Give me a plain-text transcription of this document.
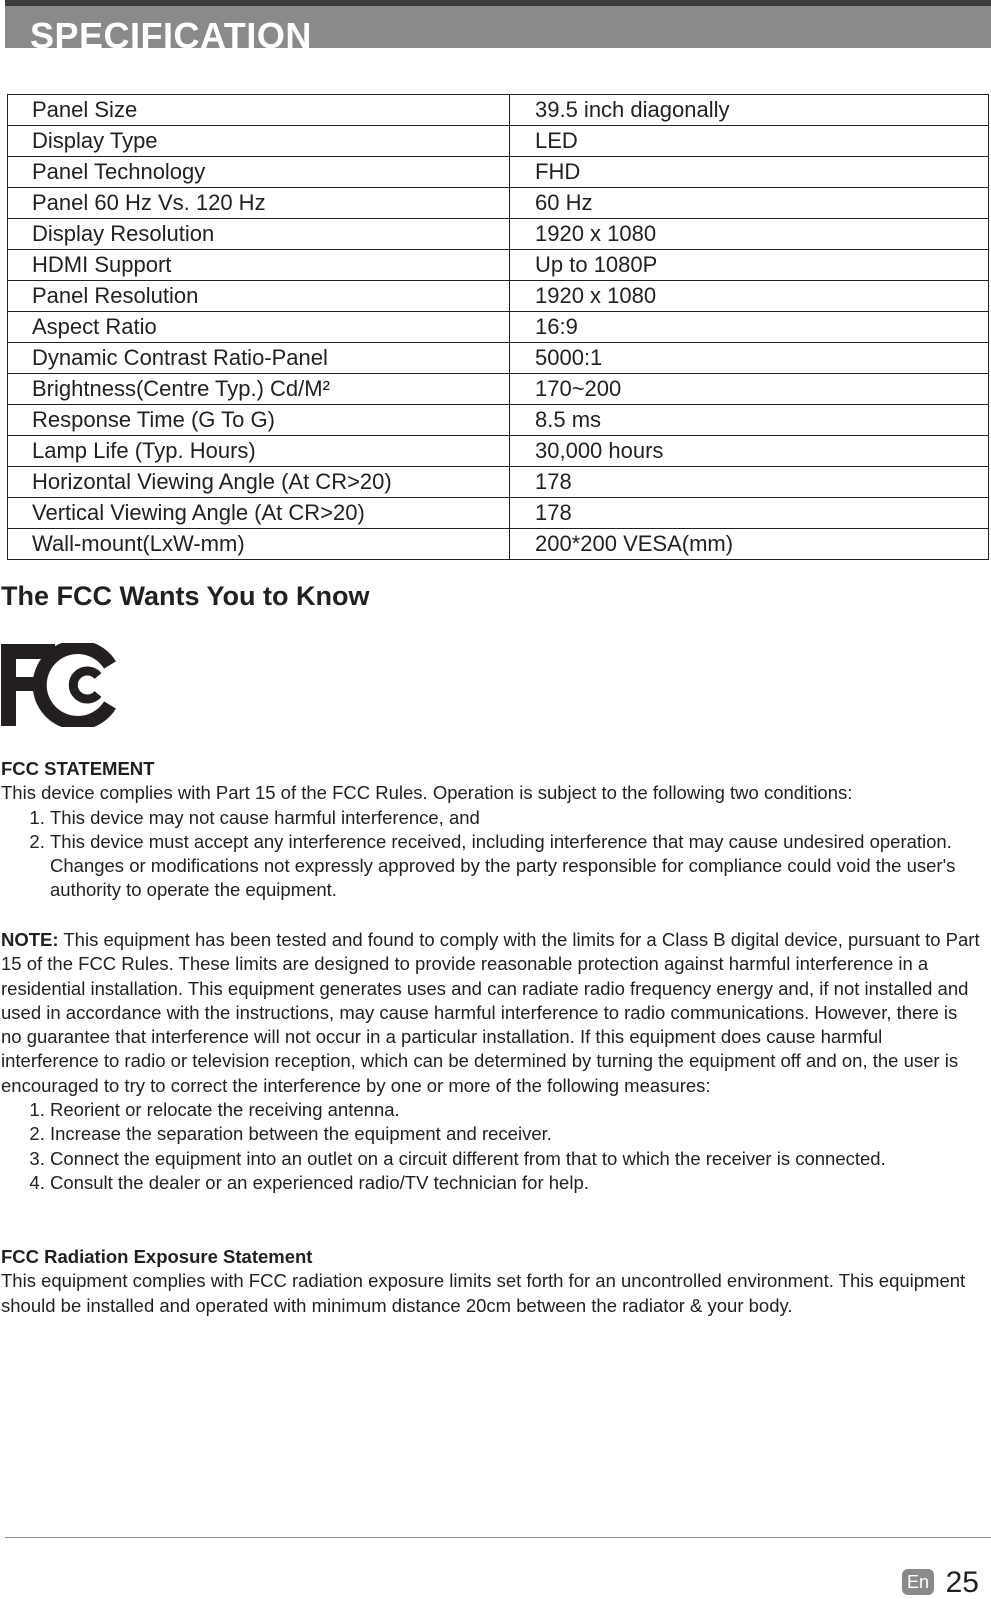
SPECIFICATION
Panel Size	39.5 inch diagonally
Display Type	LED
Panel Technology	FHD
Panel 60 Hz Vs. 120 Hz	60 Hz
Display Resolution	1920 x 1080
HDMI Support	Up to 1080P
Panel Resolution	1920 x 1080
Aspect Ratio	16:9
Dynamic Contrast Ratio-Panel	5000:1
Brightness(Centre Typ.) Cd/M²	170~200
Response Time (G To G)	8.5 ms
Lamp Life (Typ. Hours)	30,000 hours
Horizontal Viewing Angle (At CR>20)	178
Vertical Viewing Angle (At CR>20)	178
Wall-mount(LxW-mm)	200*200 VESA(mm)
The FCC Wants You to Know
FCC STATEMENT
This device complies with Part 15 of the FCC Rules. Operation is subject to the following two conditions:
1. This device may not cause harmful interference, and
2. This device must accept any interference received, including interference that may cause undesired operation. Changes or modifications not expressly approved by the party responsible for compliance could void the user's authority to operate the equipment.
NOTE: This equipment has been tested and found to comply with the limits for a Class B digital device, pursuant to Part 15 of the FCC Rules. These limits are designed to provide reasonable protection against harmful interference in a residential installation. This equipment generates uses and can radiate radio frequency energy and, if not installed and used in accordance with the instructions, may cause harmful interference to radio communications. However, there is no guarantee that interference will not occur in a particular installation. If this equipment does cause harmful interference to radio or television reception, which can be determined by turning the equipment off and on, the user is encouraged to try to correct the interference by one or more of the following measures:
1. Reorient or relocate the receiving antenna.
2. Increase the separation between the equipment and receiver.
3. Connect the equipment into an outlet on a circuit different from that to which the receiver is connected.
4. Consult the dealer or an experienced radio/TV technician for help.
FCC Radiation Exposure Statement
This equipment complies with FCC radiation exposure limits set forth for an uncontrolled environment. This equipment should be installed and operated with minimum distance 20cm between the radiator & your body.
En 25
